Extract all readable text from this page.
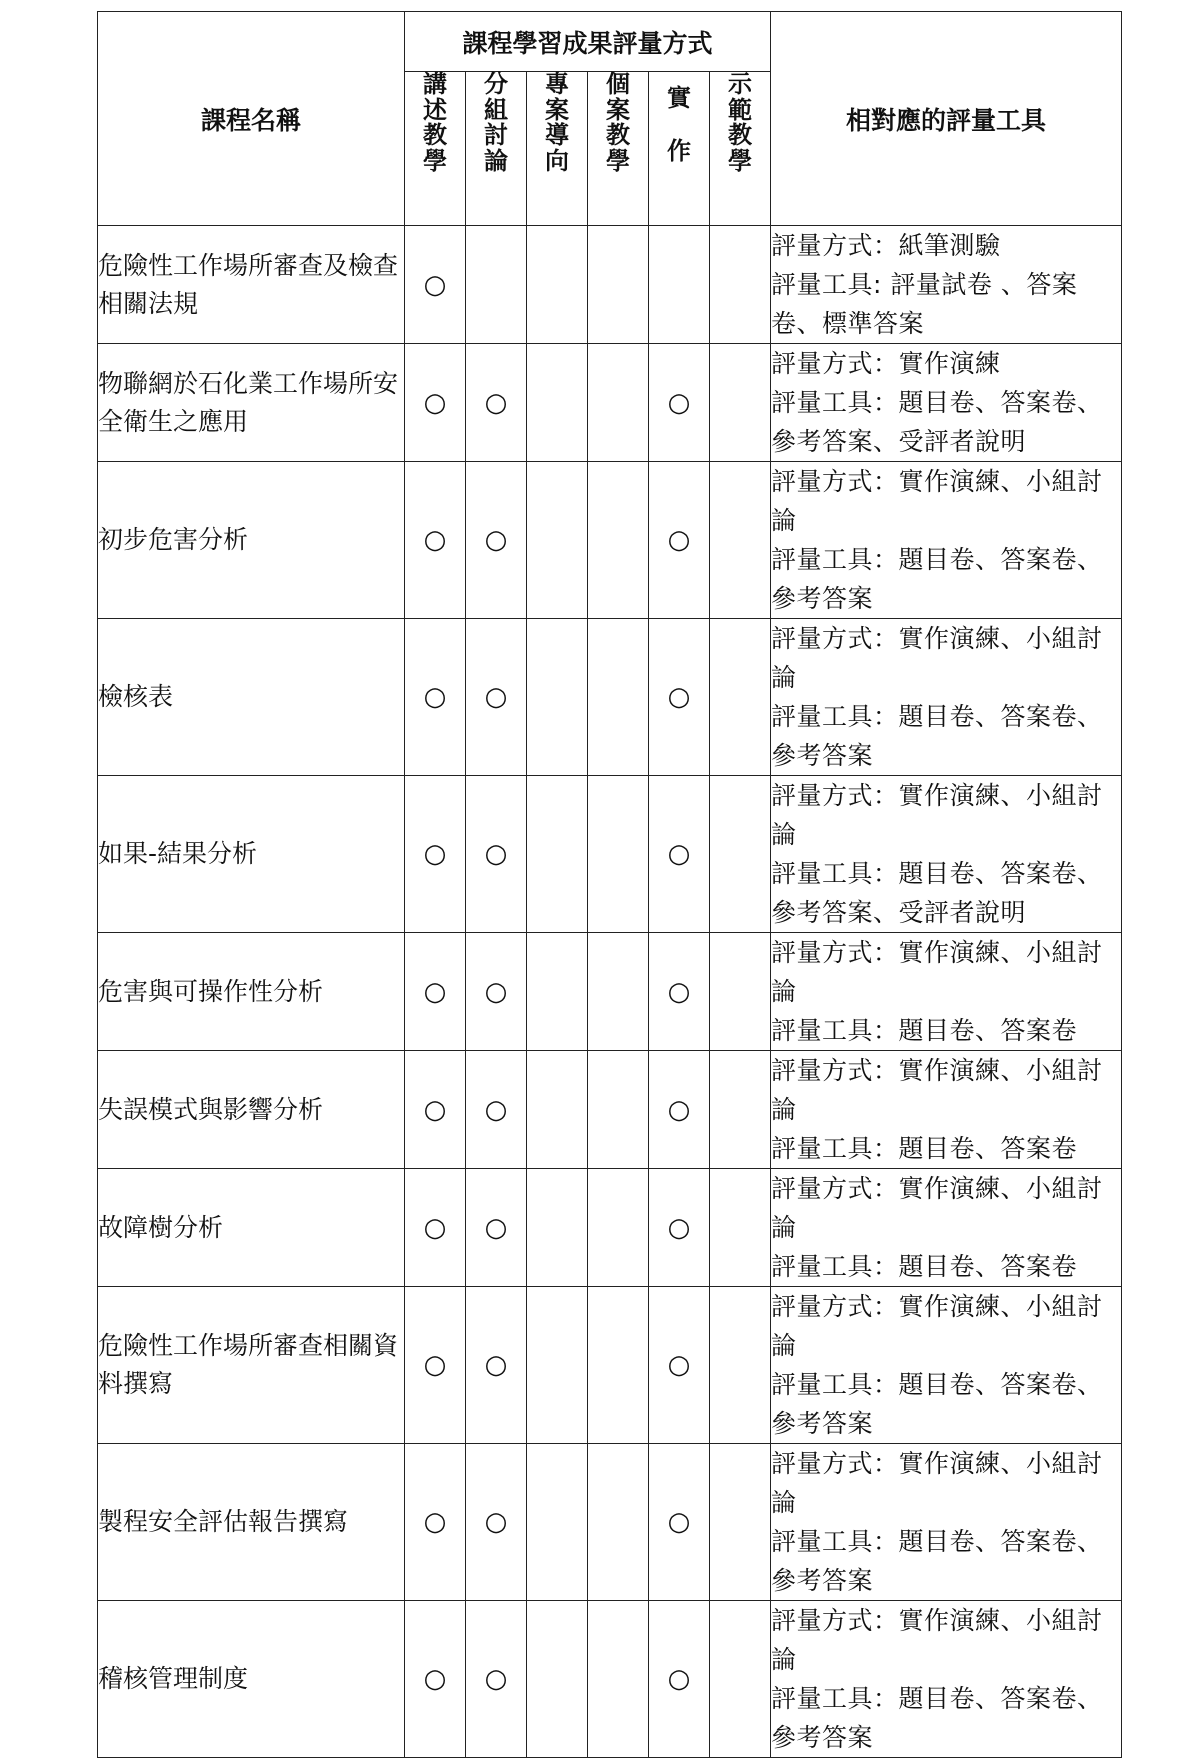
課程名稱	課程學習成果評量方式						相對應的評量工具

	講述教學	分組討論	專案導向	個案教學	實作	示範教學	

危險性工作場所審查及檢查相關法規	○						評量方式：紙筆測驗
評量工具: 評量試卷 、答案卷、標準答案

物聯網於石化業工作場所安全衛生之應用	○	○			○		評量方式：實作演練
評量工具：題目卷、答案卷、參考答案、受評者說明

初步危害分析	○	○			○		評量方式：實作演練、小組討論
評量工具：題目卷、答案卷、參考答案

檢核表	○	○			○		評量方式：實作演練、小組討論
評量工具：題目卷、答案卷、參考答案

如果-結果分析	○	○			○		評量方式：實作演練、小組討論
評量工具：題目卷、答案卷、參考答案、受評者說明

危害與可操作性分析	○	○			○		評量方式：實作演練、小組討論
評量工具：題目卷、答案卷

失誤模式與影響分析	○	○			○		評量方式：實作演練、小組討論
評量工具：題目卷、答案卷

故障樹分析	○	○			○		評量方式：實作演練、小組討論
評量工具：題目卷、答案卷

危險性工作場所審查相關資料撰寫	○	○			○		評量方式：實作演練、小組討論
評量工具：題目卷、答案卷、參考答案

製程安全評估報告撰寫	○	○			○		評量方式：實作演練、小組討論
評量工具：題目卷、答案卷、參考答案

稽核管理制度	○	○			○		評量方式：實作演練、小組討論
評量工具：題目卷、答案卷、參考答案
